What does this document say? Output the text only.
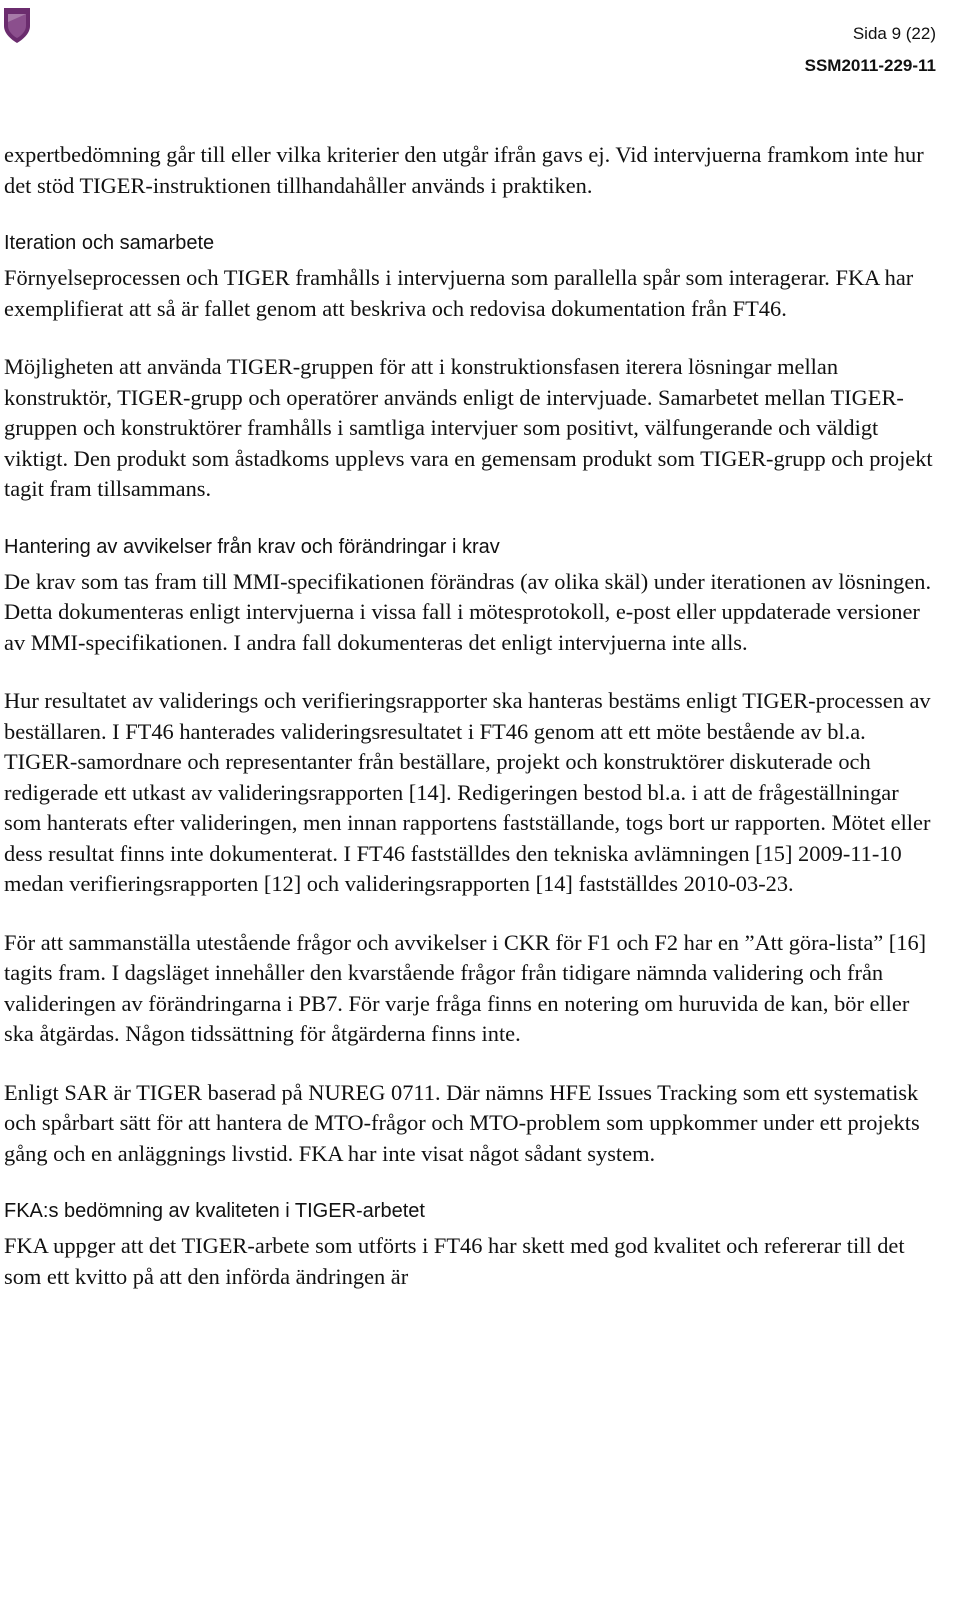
Sida 9 (22)
SSM2011-229-11

expertbedömning går till eller vilka kriterier den utgår ifrån gavs ej. Vid intervjuerna framkom inte hur det stöd TIGER-instruktionen tillhandahåller används i praktiken.

Iteration och samarbete

Förnyelseprocessen och TIGER framhålls i intervjuerna som parallella spår som interagerar. FKA har exemplifierat att så är fallet genom att beskriva och redovisa dokumentation från FT46.

Möjligheten att använda TIGER-gruppen för att i konstruktionsfasen iterera lösningar mellan konstruktör, TIGER-grupp och operatörer används enligt de intervjuade. Samarbetet mellan TIGER-gruppen och konstruktörer framhålls i samtliga intervjuer som positivt, välfungerande och väldigt viktigt. Den produkt som åstadkoms upplevs vara en gemensam produkt som TIGER-grupp och projekt tagit fram tillsammans.

Hantering av avvikelser från krav och förändringar i krav

De krav som tas fram till MMI-specifikationen förändras (av olika skäl) under iterationen av lösningen. Detta dokumenteras enligt intervjuerna i vissa fall i mötesprotokoll, e-post eller uppdaterade versioner av MMI-specifikationen. I andra fall dokumenteras det enligt intervjuerna inte alls.

Hur resultatet av validerings och verifieringsrapporter ska hanteras bestäms enligt TIGER-processen av beställaren. I FT46 hanterades valideringsresultatet i FT46 genom att ett möte bestående av bl.a. TIGER-samordnare och representanter från beställare, projekt och konstruktörer diskuterade och redigerade ett utkast av valideringsrapporten [14]. Redigeringen bestod bl.a. i att de frågeställningar som hanterats efter valideringen, men innan rapportens fastställande, togs bort ur rapporten. Mötet eller dess resultat finns inte dokumenterat. I FT46 fastställdes den tekniska avlämningen [15] 2009-11-10 medan verifieringsrapporten [12] och valideringsrapporten [14] fastställdes 2010-03-23.

För att sammanställa utestående frågor och avvikelser i CKR för F1 och F2 har en ”Att göra-lista” [16] tagits fram. I dagsläget innehåller den kvarstående frågor från tidigare nämnda validering och från valideringen av förändringarna i PB7. För varje fråga finns en notering om huruvida de kan, bör eller ska åtgärdas. Någon tidssättning för åtgärderna finns inte.

Enligt SAR är TIGER baserad på NUREG 0711. Där nämns HFE Issues Tracking som ett systematisk och spårbart sätt för att hantera de MTO-frågor och MTO-problem som uppkommer under ett projekts gång och en anläggnings livstid. FKA har inte visat något sådant system.

FKA:s bedömning av kvaliteten i TIGER-arbetet

FKA uppger att det TIGER-arbete som utförts i FT46 har skett med god kvalitet och refererar till det som ett kvitto på att den införda ändringen är
